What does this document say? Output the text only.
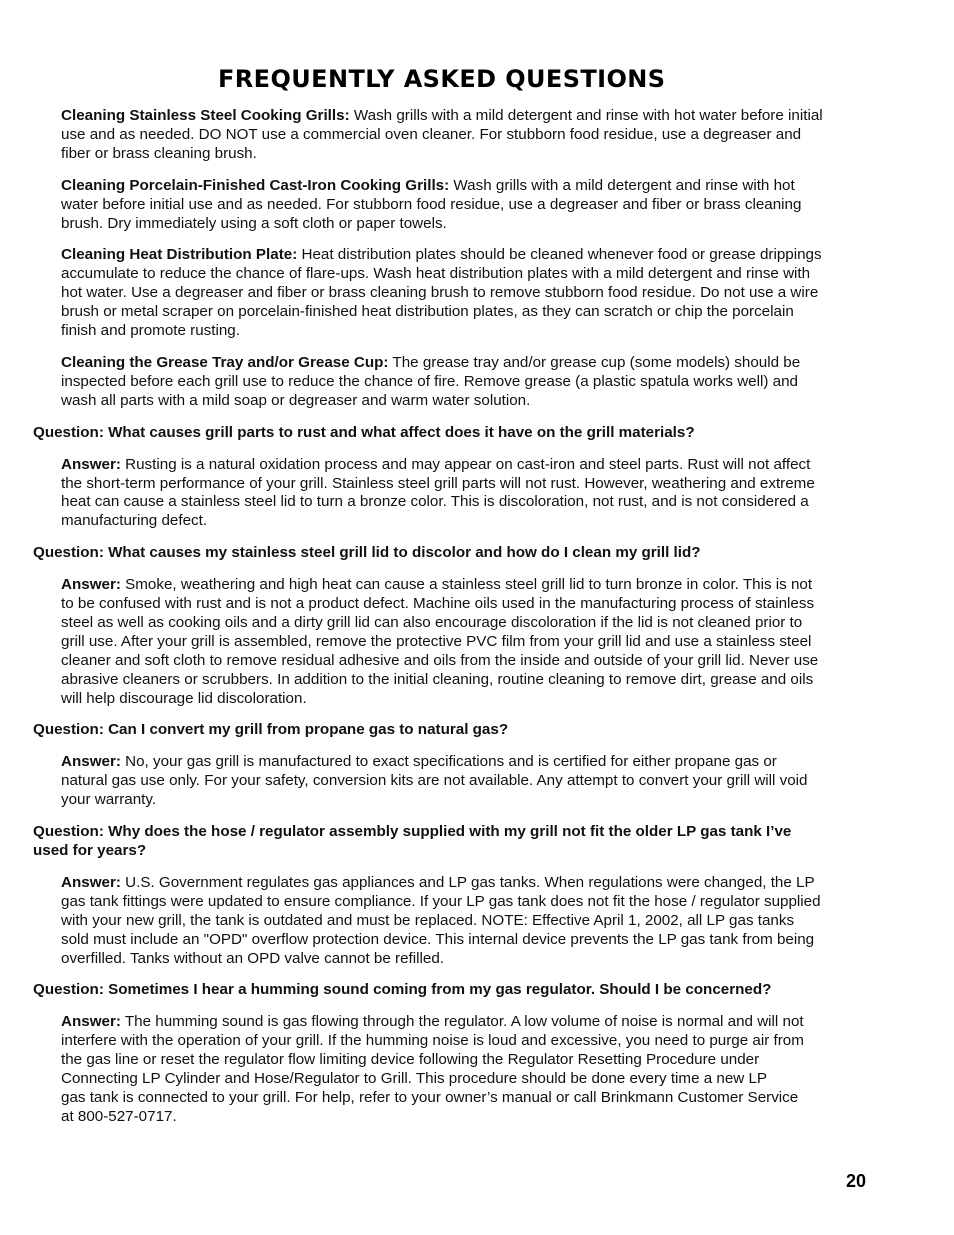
FREQUENTLY ASKED QUESTIONS
Cleaning Stainless Steel Cooking Grills: Wash grills with a mild detergent and rinse with hot water before initial
use and as needed. DO NOT use a commercial oven cleaner. For stubborn food residue, use a degreaser and
fiber or brass cleaning brush.
Cleaning Porcelain-Finished Cast-Iron Cooking Grills: Wash grills with a mild detergent and rinse with hot
water before initial use and as needed. For stubborn food residue, use a degreaser and fiber or brass cleaning
brush. Dry immediately using a soft cloth or paper towels.
Cleaning Heat Distribution Plate: Heat distribution plates should be cleaned whenever food or grease drippings
accumulate to reduce the chance of flare-ups. Wash heat distribution plates with a mild detergent and rinse with
hot water. Use a degreaser and fiber or brass cleaning brush to remove stubborn food residue. Do not use a wire
brush or metal scraper on porcelain-finished heat distribution plates, as they can scratch or chip the porcelain
finish and promote rusting.
Cleaning the Grease Tray and/or Grease Cup: The grease tray and/or grease cup (some models) should be
inspected before each grill use to reduce the chance of fire. Remove grease (a plastic spatula works well) and
wash all parts with a mild soap or degreaser and warm water solution.
Question: What causes grill parts to rust and what affect does it have on the grill materials?
Answer: Rusting is a natural oxidation process and may appear on cast-iron and steel parts. Rust will not affect
the short-term performance of your grill. Stainless steel grill parts will not rust. However, weathering and extreme
heat can cause a stainless steel lid to turn a bronze color. This is discoloration, not rust, and is not considered a
manufacturing defect.
Question: What causes my stainless steel grill lid to discolor and how do I clean my grill lid?
Answer: Smoke, weathering and high heat can cause a stainless steel grill lid to turn bronze in color. This is not
to be confused with rust and is not a product defect. Machine oils used in the manufacturing process of stainless
steel as well as cooking oils and a dirty grill lid can also encourage discoloration if the lid is not cleaned prior to
grill use. After your grill is assembled, remove the protective PVC film from your grill lid and use a stainless steel
cleaner and soft cloth to remove residual adhesive and oils from the inside and outside of your grill lid. Never use
abrasive cleaners or scrubbers. In addition to the initial cleaning, routine cleaning to remove dirt, grease and oils
will help discourage lid discoloration.
Question: Can I convert my grill from propane gas to natural gas?
Answer: No, your gas grill is manufactured to exact specifications and is certified for either propane gas or
natural gas use only. For your safety, conversion kits are not available. Any attempt to convert your grill will void
your warranty.
Question: Why does the hose / regulator assembly supplied with my grill not fit the older LP gas tank I’ve
used for years?
Answer: U.S. Government regulates gas appliances and LP gas tanks. When regulations were changed, the LP
gas tank fittings were updated to ensure compliance. If your LP gas tank does not fit the hose / regulator supplied
with your new grill, the tank is outdated and must be replaced. NOTE: Effective April 1, 2002, all LP gas tanks
sold must include an "OPD" overflow protection device. This internal device prevents the LP gas tank from being
overfilled. Tanks without an OPD valve cannot be refilled.
Question: Sometimes I hear a humming sound coming from my gas regulator. Should I be concerned?
Answer: The humming sound is gas flowing through the regulator. A low volume of noise is normal and will not
interfere with the operation of your grill. If the humming noise is loud and excessive, you need to purge air from
the gas line or reset the regulator flow limiting device following the Regulator Resetting Procedure under
Connecting LP Cylinder and Hose/Regulator to Grill. This procedure should be done every time a new LP
gas tank is connected to your grill. For help, refer to your owner’s manual or call Brinkmann Customer Service
at 800-527-0717.
20
